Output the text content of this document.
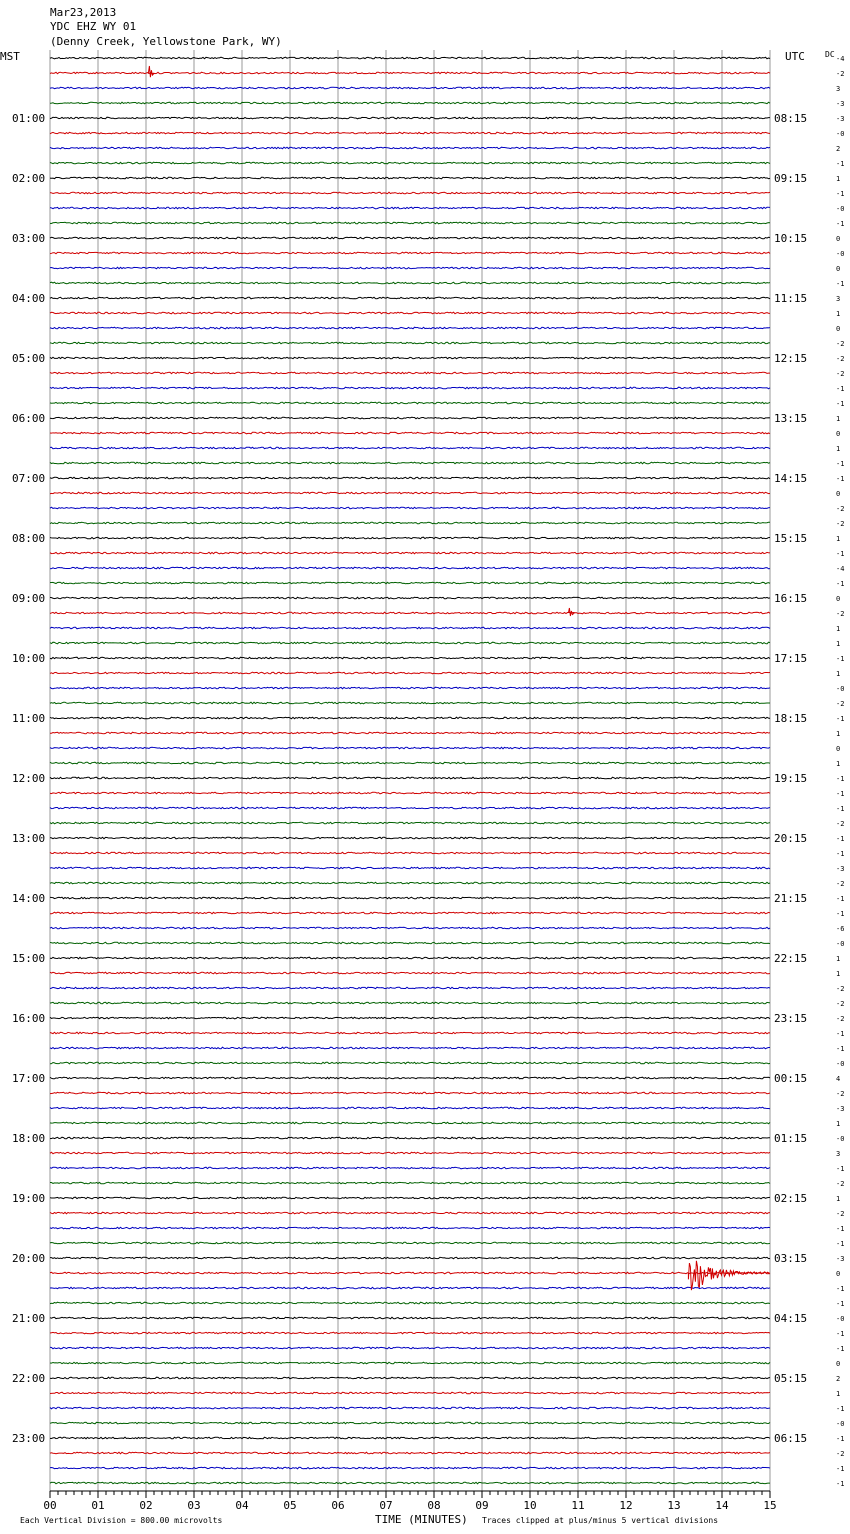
Mar23,2013
YDC EHZ WY 01
(Denny Creek, Yellowstone Park, WY)
MST	UTC	DC
01:00
02:00
03:00
04:00
05:00
06:00
07:00
08:00
09:00
10:00
11:00
12:00
13:00
14:00
15:00
16:00
17:00
18:00
19:00
20:00
21:00
22:00
23:00
08:15
09:15
10:15
11:15
12:15
13:15
14:15
15:15
16:15
17:15
18:15
19:15
20:15
21:15
22:15
23:15
00:15
01:15
02:15
03:15
04:15
05:15
06:15
-4
-2
3
-3
-3
-0
2
-1
1
-1
-0
-1
0
-0
0
-1
3
1
0
-2
-2
-2
-1
-1
1
0
1
-1
-1
0
-2
-2
1
-1
-4
-1
0
-2
1
1
-1
1
-0
-2
-1
1
0
1
-1
-1
-1
-2
-1
-1
-3
-2
-1
-1
-6
-0
1
1
-2
-2
-2
-1
-1
-0
4
-2
-3
1
-0
3
-1
-2
1
-2
-1
-1
-3
0
-1
-1
-0
-1
-1
0
2
1
-1
-0
-1
-2
-1
-1
00	01	02	03	04	05	06	07	08	09	10	11	12	13	14	15
Each Vertical Division = 800.00 microvolts	TIME (MINUTES) Traces clipped at plus/minus 5 vertical divisions
